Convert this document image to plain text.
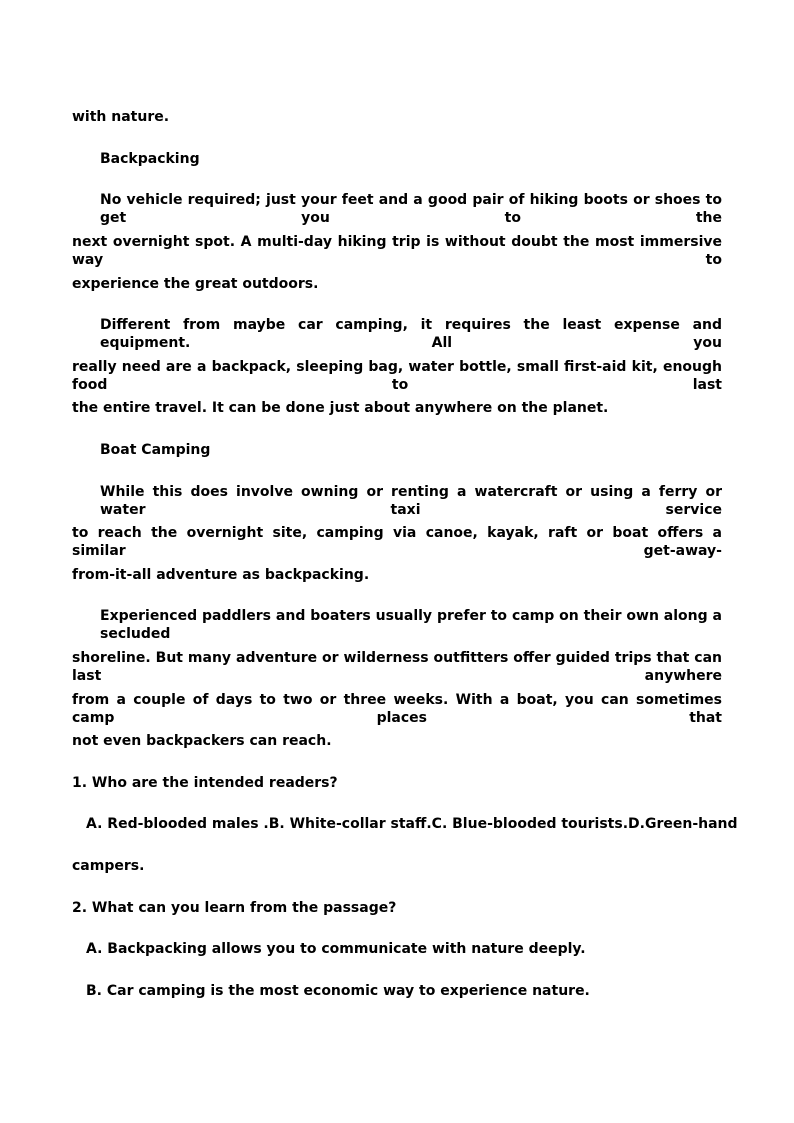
with nature.
Backpacking
No vehicle required; just your feet and a good pair of hiking boots or shoes to get you to the
next overnight spot. A multi-day hiking trip is without doubt the most immersive way to
experience the great outdoors.
Different from maybe car camping, it requires the least expense and equipment. All you
really need are a backpack, sleeping bag, water bottle, small first-aid kit, enough food to last
the entire travel. It can be done just about anywhere on the planet.
Boat Camping
While this does involve owning or renting a watercraft or using a ferry or water taxi service
to reach the overnight site, camping via canoe, kayak, raft or boat offers a similar get-away-
from-it-all adventure as backpacking.
Experienced paddlers and boaters usually prefer to camp on their own along a secluded
shoreline. But many adventure or wilderness outfitters offer guided trips that can last anywhere
from a couple of days to two or three weeks. With a boat, you can sometimes camp places that
not even backpackers can reach.
1. Who are the intended readers?
A. Red-blooded males . B. White-collar staff. C. Blue-blooded tourists. D. Green-hand
campers.
2. What can you learn from the passage?
A. Backpacking allows you to communicate with nature deeply.
B. Car camping is the most economic way to experience nature.
